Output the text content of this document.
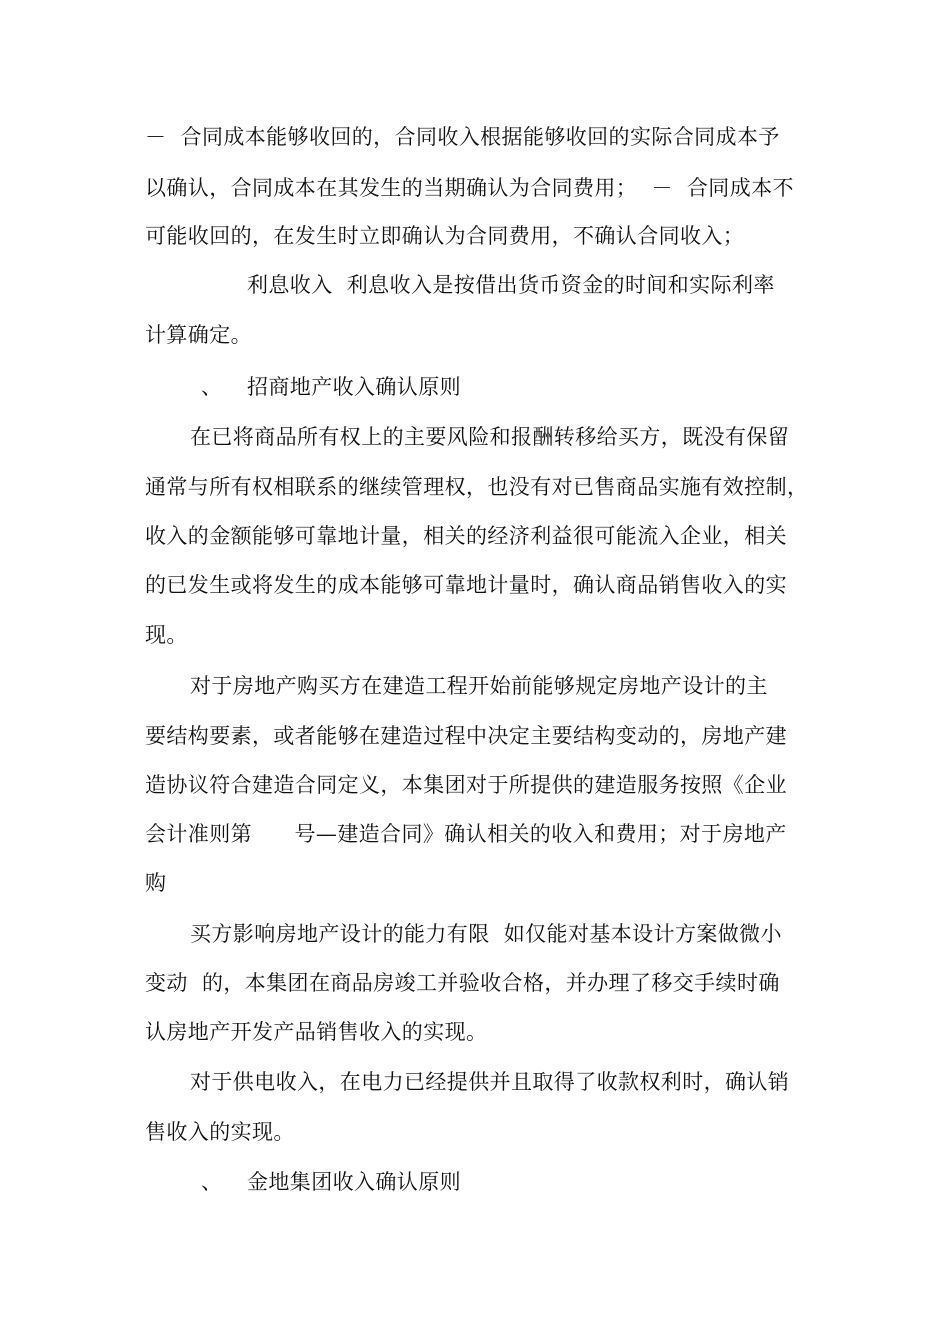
－  合同成本能够收回的，合同收入根据能够收回的实际合同成本予
以确认，合同成本在其发生的当期确认为合同费用；  －  合同成本不
可能收回的，在发生时立即确认为合同费用，不确认合同收入；
利息收入  利息收入是按借出货币资金的时间和实际利率
计算确定。
、 招商地产收入确认原则
在已将商品所有权上的主要风险和报酬转移给买方，既没有保留
通常与所有权相联系的继续管理权，也没有对已售商品实施有效控制，
收入的金额能够可靠地计量，相关的经济利益很可能流入企业，相关
的已发生或将发生的成本能够可靠地计量时，确认商品销售收入的实
现。
对于房地产购买方在建造工程开始前能够规定房地产设计的主
要结构要素，或者能够在建造过程中决定主要结构变动的，房地产建
造协议符合建造合同定义，本集团对于所提供的建造服务按照《企业
会计准则第      号—建造合同》确认相关的收入和费用；对于房地产
购
买方影响房地产设计的能力有限  如仅能对基本设计方案做微小
变动  的，本集团在商品房竣工并验收合格，并办理了移交手续时确
认房地产开发产品销售收入的实现。
对于供电收入，在电力已经提供并且取得了收款权利时，确认销
售收入的实现。
、 金地集团收入确认原则
